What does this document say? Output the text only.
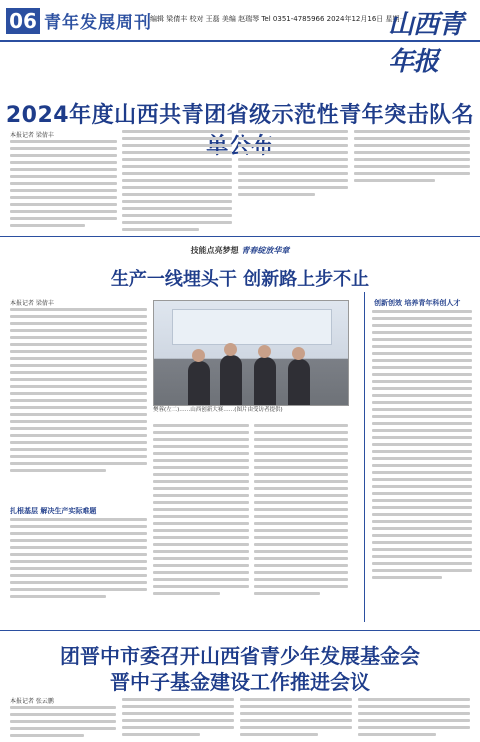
06 青年发展周刊
编辑 梁倩丰 校对 王磊 美编 赵瑞琴 Tel 0351-4785966 2024年12月16日 星期一
山西青年报
2024年度山西共青团省级示范性青年突击队名
本报记者 梁倩丰
技能点亮梦想 青春绽放华章
生产一线埋头干 创新路上步不止
本报记者 梁倩丰
扎根基层 解决生产实际难题
樊蓉(左二)……山西创新大赛……(图片由受访者提供)
创新创效 培养青年科创人才
团晋中市委召开山西省青少年发展基金会
晋中子基金建设工作推进会议
本报记者 张云鹏
